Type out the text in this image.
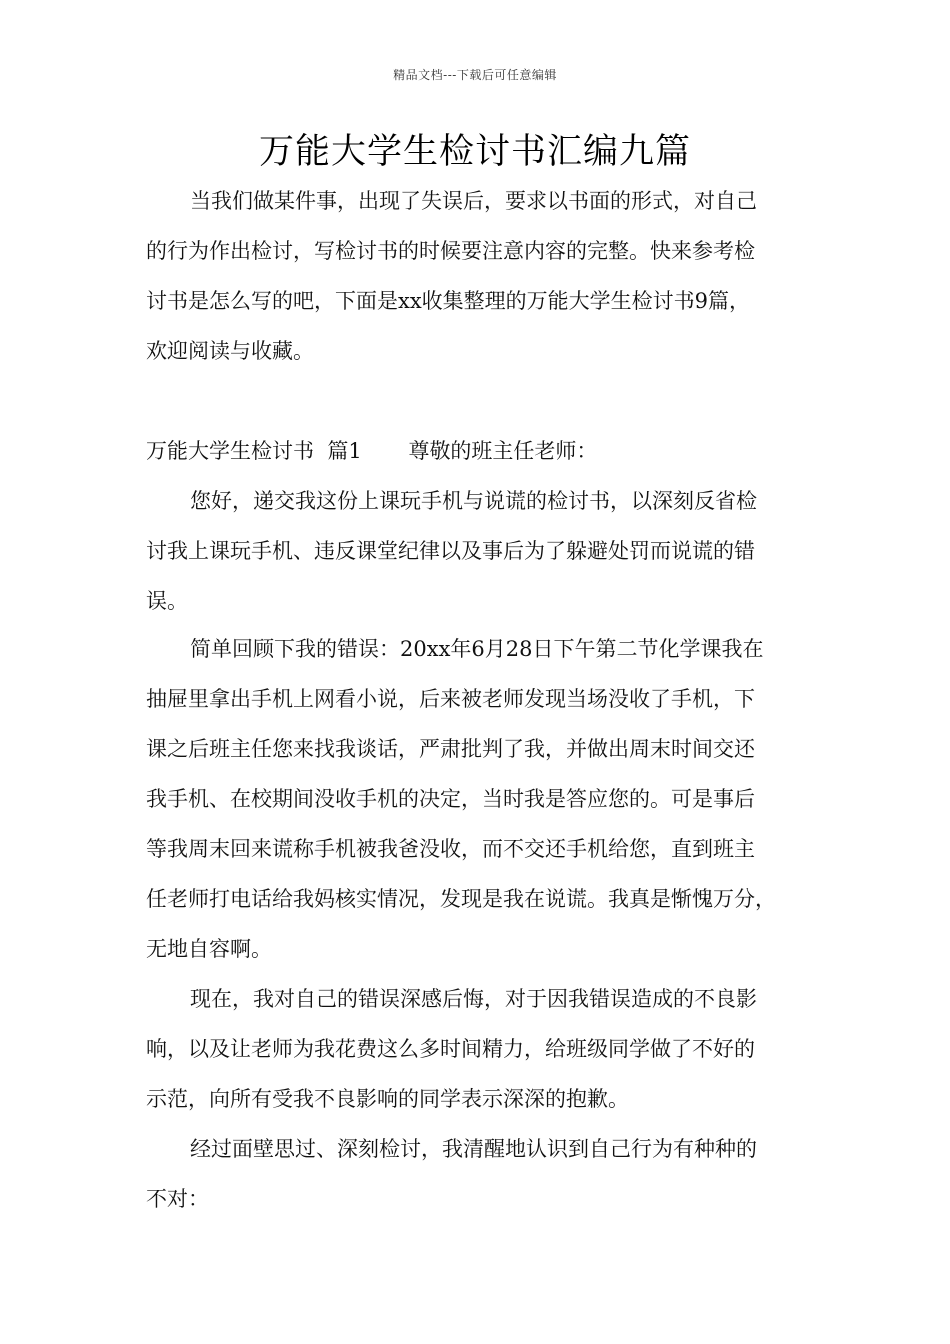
精品文档---下载后可任意编辑
万能大学生检讨书汇编九篇
当我们做某件事，出现了失误后，要求以书面的形式，对自己
的行为作出检讨，写检讨书的时候要注意内容的完整。快来参考检
讨书是怎么写的吧，下面是xx收集整理的万能大学生检讨书9篇，
欢迎阅读与收藏。
万能大学生检讨书  篇1       尊敬的班主任老师：
您好，递交我这份上课玩手机与说谎的检讨书，以深刻反省检
讨我上课玩手机、违反课堂纪律以及事后为了躲避处罚而说谎的错
误。
简单回顾下我的错误：20xx年6月28日下午第二节化学课我在
抽屉里拿出手机上网看小说，后来被老师发现当场没收了手机，下
课之后班主任您来找我谈话，严肃批判了我，并做出周末时间交还
我手机、在校期间没收手机的决定，当时我是答应您的。可是事后
等我周末回来谎称手机被我爸没收，而不交还手机给您，直到班主
任老师打电话给我妈核实情况，发现是我在说谎。我真是惭愧万分，
无地自容啊。
现在，我对自己的错误深感后悔，对于因我错误造成的不良影
响，以及让老师为我花费这么多时间精力，给班级同学做了不好的
示范，向所有受我不良影响的同学表示深深的抱歉。
经过面壁思过、深刻检讨，我清醒地认识到自己行为有种种的
不对：
